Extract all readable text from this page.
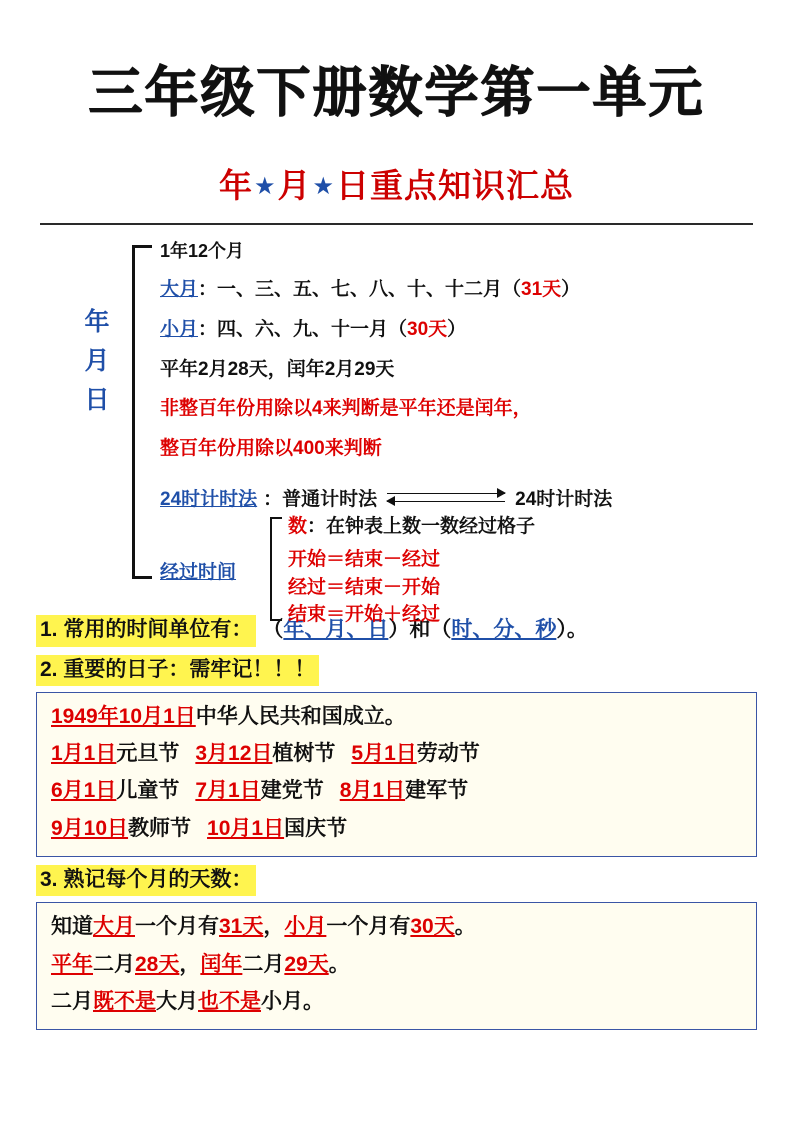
三年级下册数学第一单元
年★月★日重点知识汇总
年
月
日
1年12个月
大月：一、三、五、七、八、十、十二月（31天）
小月：四、六、九、十一月（30天）
平年2月28天，闰年2月29天
非整百年份用除以4来判断是平年还是闰年，
整百年份用除以400来判断
24时计时法 ：普通计时法	24时计时法
经过时间
数：在钟表上数一数经过格子
开始＝结束－经过
经过＝结束－开始
结束＝开始＋经过
1. 常用的时间单位有： （年、月、日）和（时、分、秒）。
2. 重要的日子：需牢记！！！

1949年10月1日中华人民共和国成立。

1月1日元旦节 3月12日植树节 5月1日劳动节

6月1日儿童节 7月1日建党节 8月1日建军节

9月10日教师节 10月1日国庆节

3. 熟记每个月的天数：

知道大月一个月有31天，小月一个月有30天。

平年二月28天，闰年二月29天。

二月既不是大月也不是小月。
